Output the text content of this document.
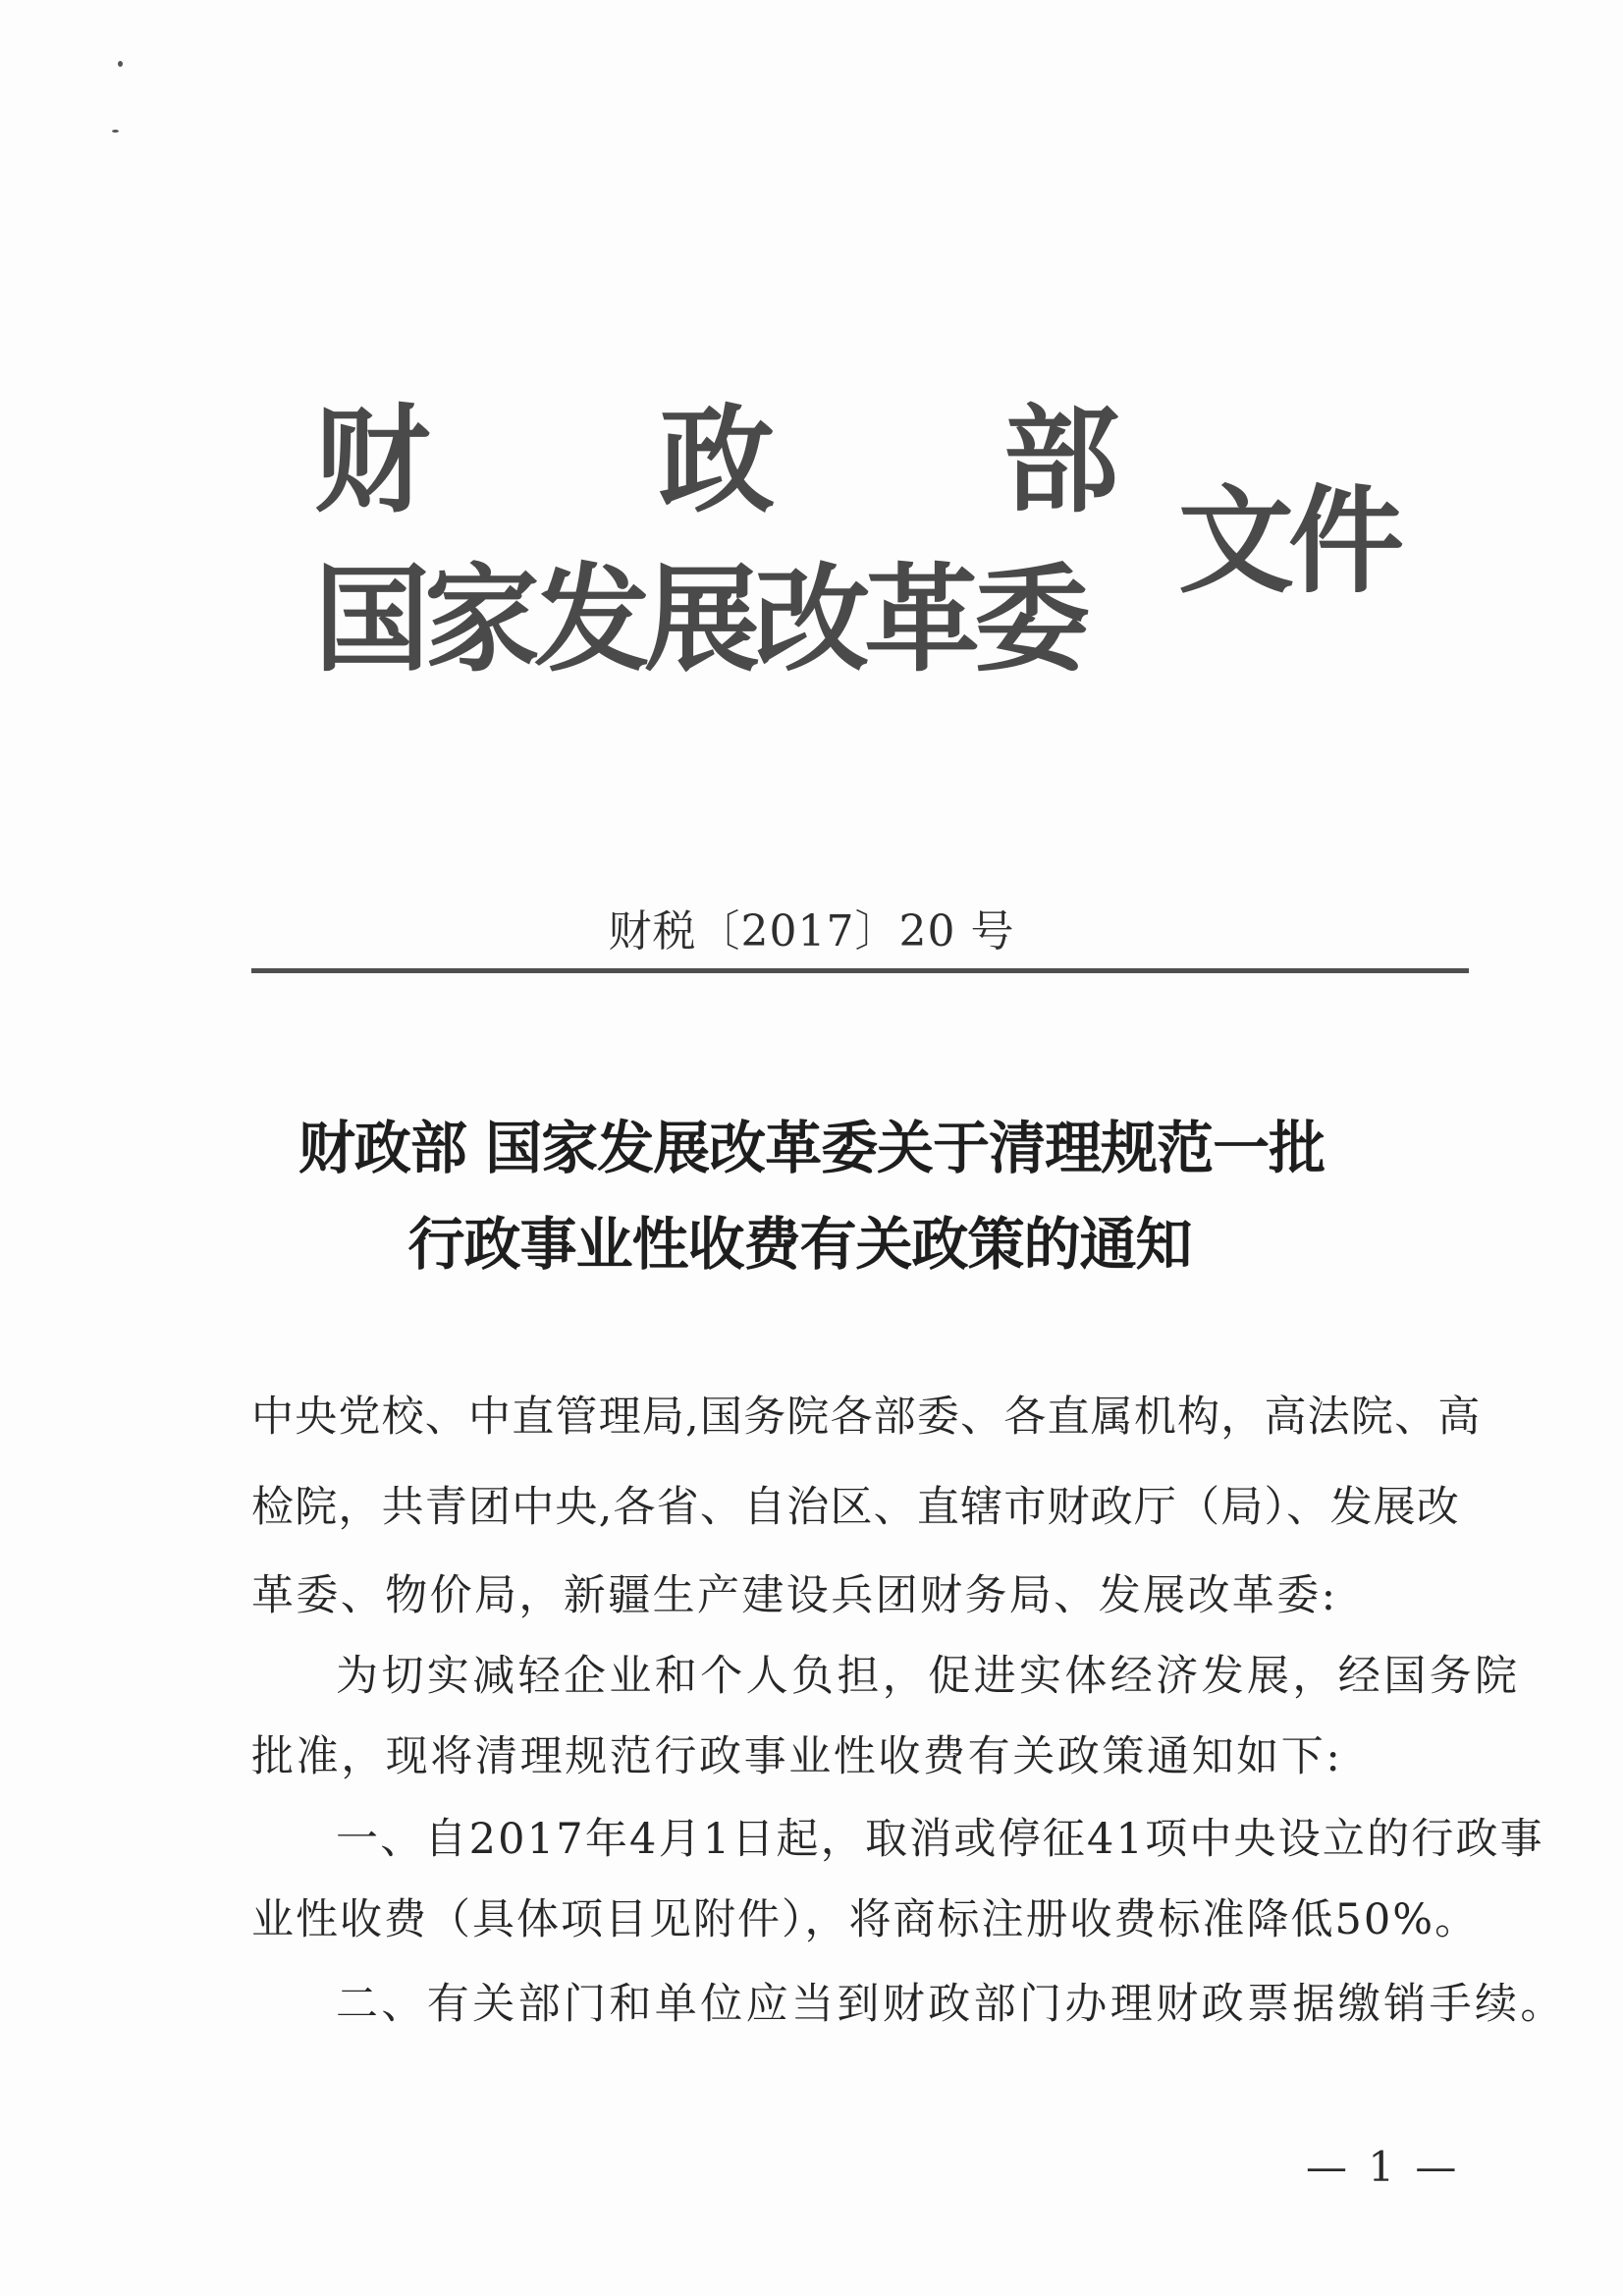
财 政 部
国家发展改革委
文件
财税〔2017〕20 号
财政部 国家发展改革委关于清理规范一批
行政事业性收费有关政策的通知
中央党校、中直管理局,国务院各部委、各直属机构，高法院、高
检院，共青团中央,各省、自治区、直辖市财政厅（局）、发展改
革委、物价局，新疆生产建设兵团财务局、发展改革委:
为切实减轻企业和个人负担，促进实体经济发展，经国务院
批准，现将清理规范行政事业性收费有关政策通知如下:
一、自2017年4月1日起，取消或停征41项中央设立的行政事
业性收费（具体项目见附件），将商标注册收费标准降低50%。
二、有关部门和单位应当到财政部门办理财政票据缴销手续。
— 1 —
